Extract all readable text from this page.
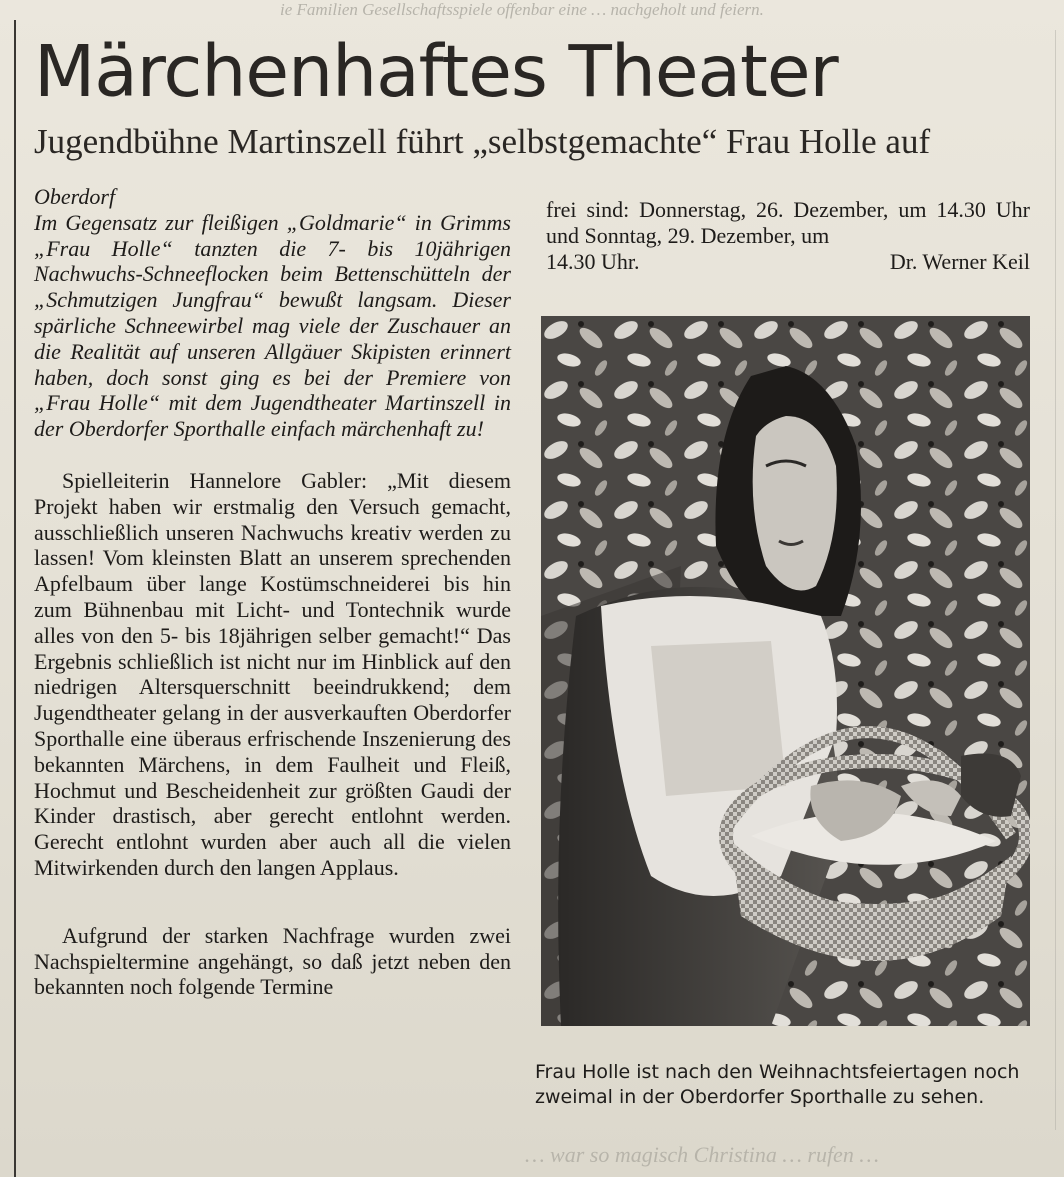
ie Familien Gesellschaftsspiele offenbar eine … nachgeholt und feiern.
Märchenhaftes Theater
Jugendbühne Martinszell führt „selbstgemachte“ Frau Holle auf

Oberdorf

Im Gegensatz zur fleißigen „Goldmarie“ in Grimms „Frau Holle“ tanzten die 7- bis 10jährigen Nachwuchs-Schneeflocken beim Bettenschütteln der „Schmutzigen Jungfrau“ bewußt langsam. Dieser spärliche Schneewirbel mag viele der Zuschauer an die Realität auf unseren Allgäuer Skipisten erinnert haben, doch sonst ging es bei der Premiere von „Frau Holle“ mit dem Jugendtheater Martinszell in der Oberdorfer Sporthalle einfach märchenhaft zu!

Spielleiterin Hannelore Gabler: „Mit diesem Projekt haben wir erstmalig den Versuch gemacht, ausschließlich unseren Nachwuchs kreativ werden zu lassen! Vom kleinsten Blatt an unserem sprechenden Apfelbaum über lange Kostümschneiderei bis hin zum Bühnenbau mit Licht- und Tontechnik wurde alles von den 5- bis 18jährigen selber gemacht!“ Das Ergebnis schließlich ist nicht nur im Hinblick auf den niedrigen Altersquerschnitt beeindrukkend; dem Jugendtheater gelang in der ausverkauften Oberdorfer Sporthalle eine überaus erfrischende Inszenierung des bekannten Märchens, in dem Faulheit und Fleiß, Hochmut und Bescheidenheit zur größten Gaudi der Kinder drastisch, aber gerecht entlohnt werden. Gerecht entlohnt wurden aber auch all die vielen Mitwirkenden durch den langen Applaus.

Aufgrund der starken Nachfrage wurden zwei Nachspieltermine angehängt, so daß jetzt neben den bekannten noch folgende Termine

frei sind: Donnerstag, 26. Dezember, um 14.30 Uhr und Sonntag, 29. Dezember, um

14.30 Uhr.	Dr. Werner Keil
Frau Holle ist nach den Weihnachtsfeiertagen noch zweimal in der Oberdorfer Sporthalle zu sehen.
… war so magisch Christina … rufen …
